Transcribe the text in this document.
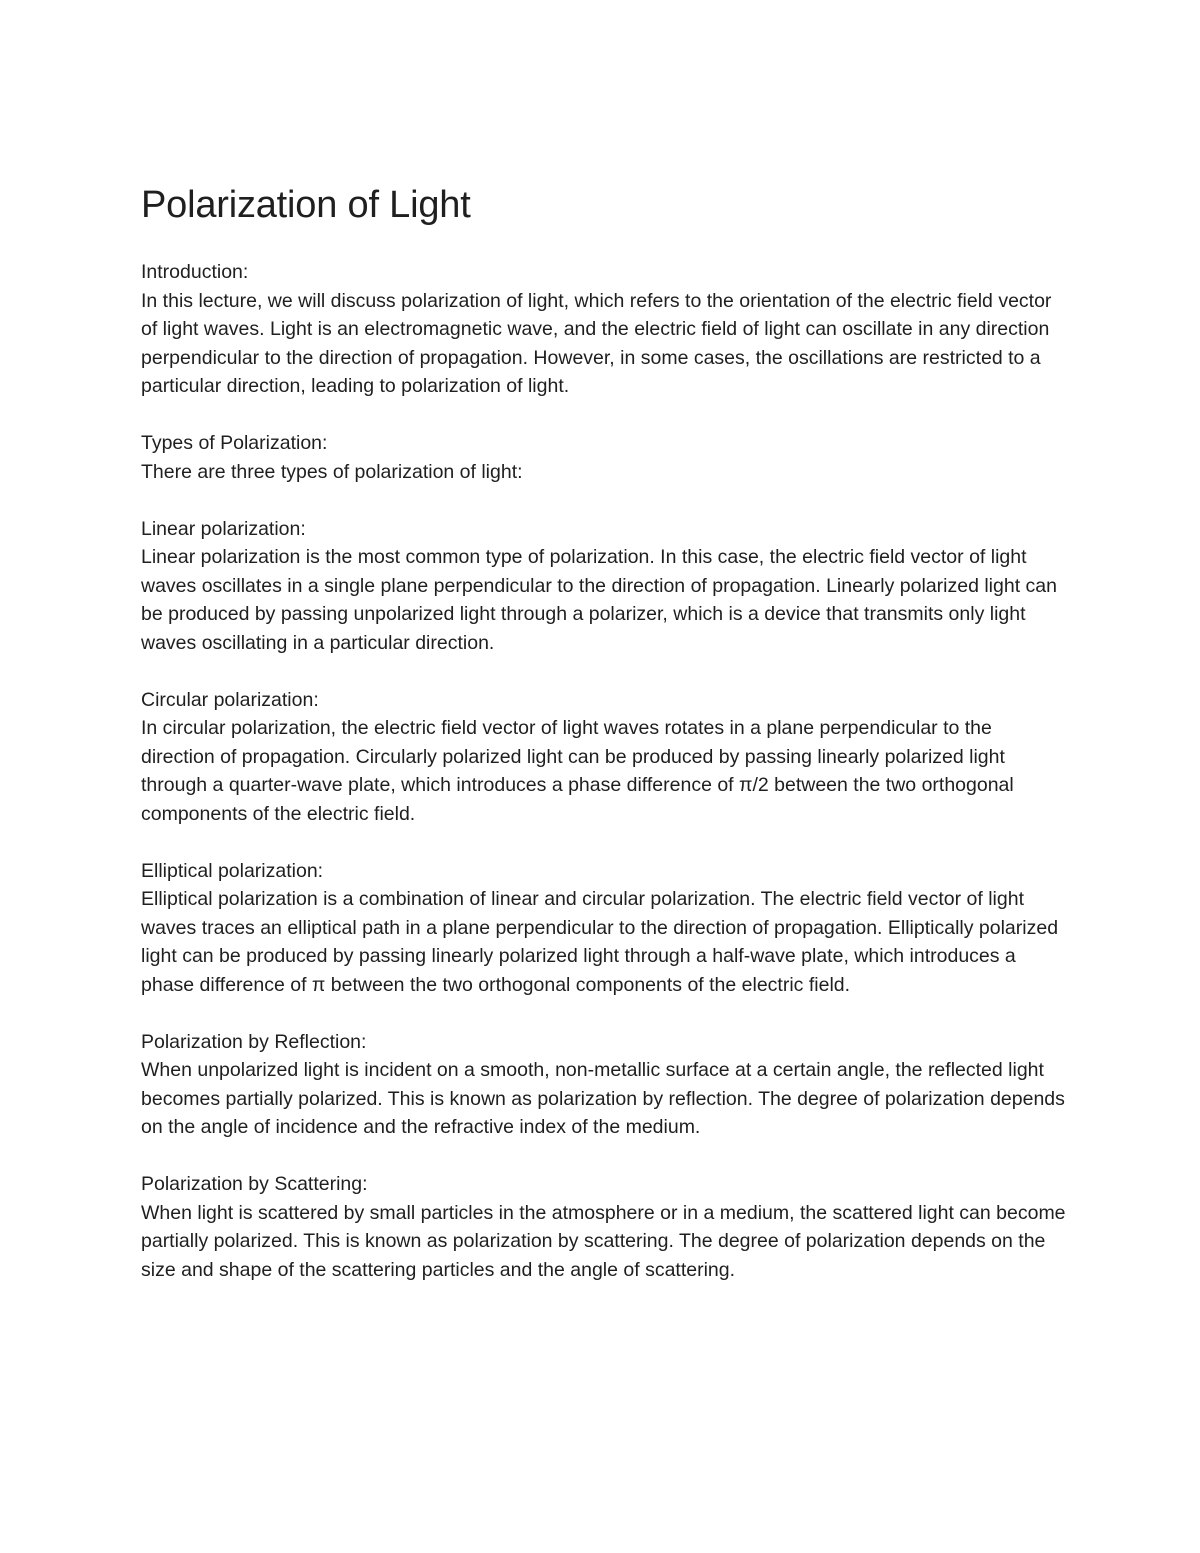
Polarization of Light

Introduction:

In this lecture, we will discuss polarization of light, which refers to the orientation of the electric field vector of light waves. Light is an electromagnetic wave, and the electric field of light can oscillate in any direction perpendicular to the direction of propagation. However, in some cases, the oscillations are restricted to a particular direction, leading to polarization of light.

Types of Polarization:

There are three types of polarization of light:

Linear polarization:

Linear polarization is the most common type of polarization. In this case, the electric field vector of light waves oscillates in a single plane perpendicular to the direction of propagation. Linearly polarized light can be produced by passing unpolarized light through a polarizer, which is a device that transmits only light waves oscillating in a particular direction.

Circular polarization:

In circular polarization, the electric field vector of light waves rotates in a plane perpendicular to the direction of propagation. Circularly polarized light can be produced by passing linearly polarized light through a quarter-wave plate, which introduces a phase difference of π/2 between the two orthogonal components of the electric field.

Elliptical polarization:

Elliptical polarization is a combination of linear and circular polarization. The electric field vector of light waves traces an elliptical path in a plane perpendicular to the direction of propagation. Elliptically polarized light can be produced by passing linearly polarized light through a half-wave plate, which introduces a phase difference of π between the two orthogonal components of the electric field.

Polarization by Reflection:

When unpolarized light is incident on a smooth, non-metallic surface at a certain angle, the reflected light becomes partially polarized. This is known as polarization by reflection. The degree of polarization depends on the angle of incidence and the refractive index of the medium.

Polarization by Scattering:

When light is scattered by small particles in the atmosphere or in a medium, the scattered light can become partially polarized. This is known as polarization by scattering. The degree of polarization depends on the size and shape of the scattering particles and the angle of scattering.
